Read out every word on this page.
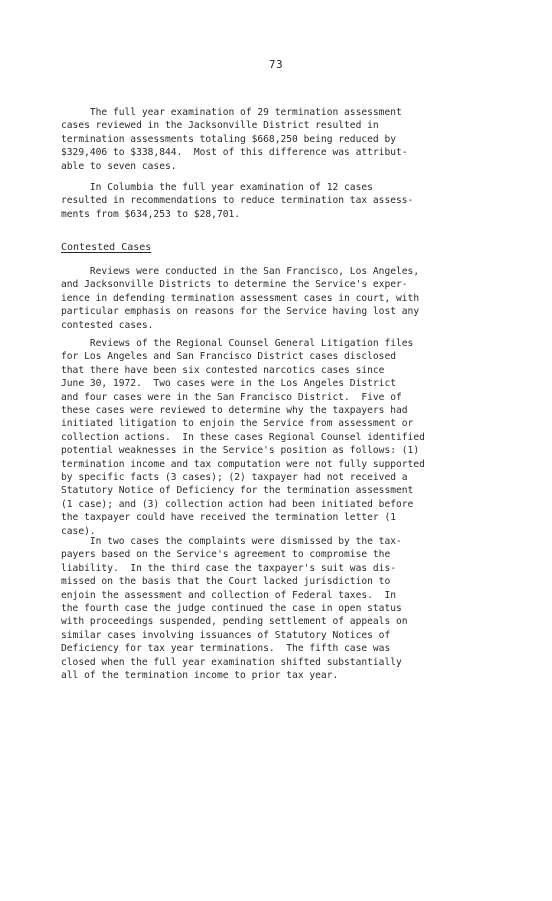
73

The full year examination of 29 termination assessment
cases reviewed in the Jacksonville District resulted in
termination assessments totaling $668,250 being reduced by
$329,406 to $338,844.  Most of this difference was attribut-
able to seven cases.

In Columbia the full year examination of 12 cases
resulted in recommendations to reduce termination tax assess-
ments from $634,253 to $28,701.

Contested Cases

Reviews were conducted in the San Francisco, Los Angeles,
and Jacksonville Districts to determine the Service's exper-
ience in defending termination assessment cases in court, with
particular emphasis on reasons for the Service having lost any
contested cases.

Reviews of the Regional Counsel General Litigation files
for Los Angeles and San Francisco District cases disclosed
that there have been six contested narcotics cases since
June 30, 1972.  Two cases were in the Los Angeles District
and four cases were in the San Francisco District.  Five of
these cases were reviewed to determine why the taxpayers had
initiated litigation to enjoin the Service from assessment or
collection actions.  In these cases Regional Counsel identified
potential weaknesses in the Service's position as follows: (1)
termination income and tax computation were not fully supported
by specific facts (3 cases); (2) taxpayer had not received a
Statutory Notice of Deficiency for the termination assessment
(1 case); and (3) collection action had been initiated before
the taxpayer could have received the termination letter (1
case).

In two cases the complaints were dismissed by the tax-
payers based on the Service's agreement to compromise the
liability.  In the third case the taxpayer's suit was dis-
missed on the basis that the Court lacked jurisdiction to
enjoin the assessment and collection of Federal taxes.  In
the fourth case the judge continued the case in open status
with proceedings suspended, pending settlement of appeals on
similar cases involving issuances of Statutory Notices of
Deficiency for tax year terminations.  The fifth case was
closed when the full year examination shifted substantially
all of the termination income to prior tax year.
